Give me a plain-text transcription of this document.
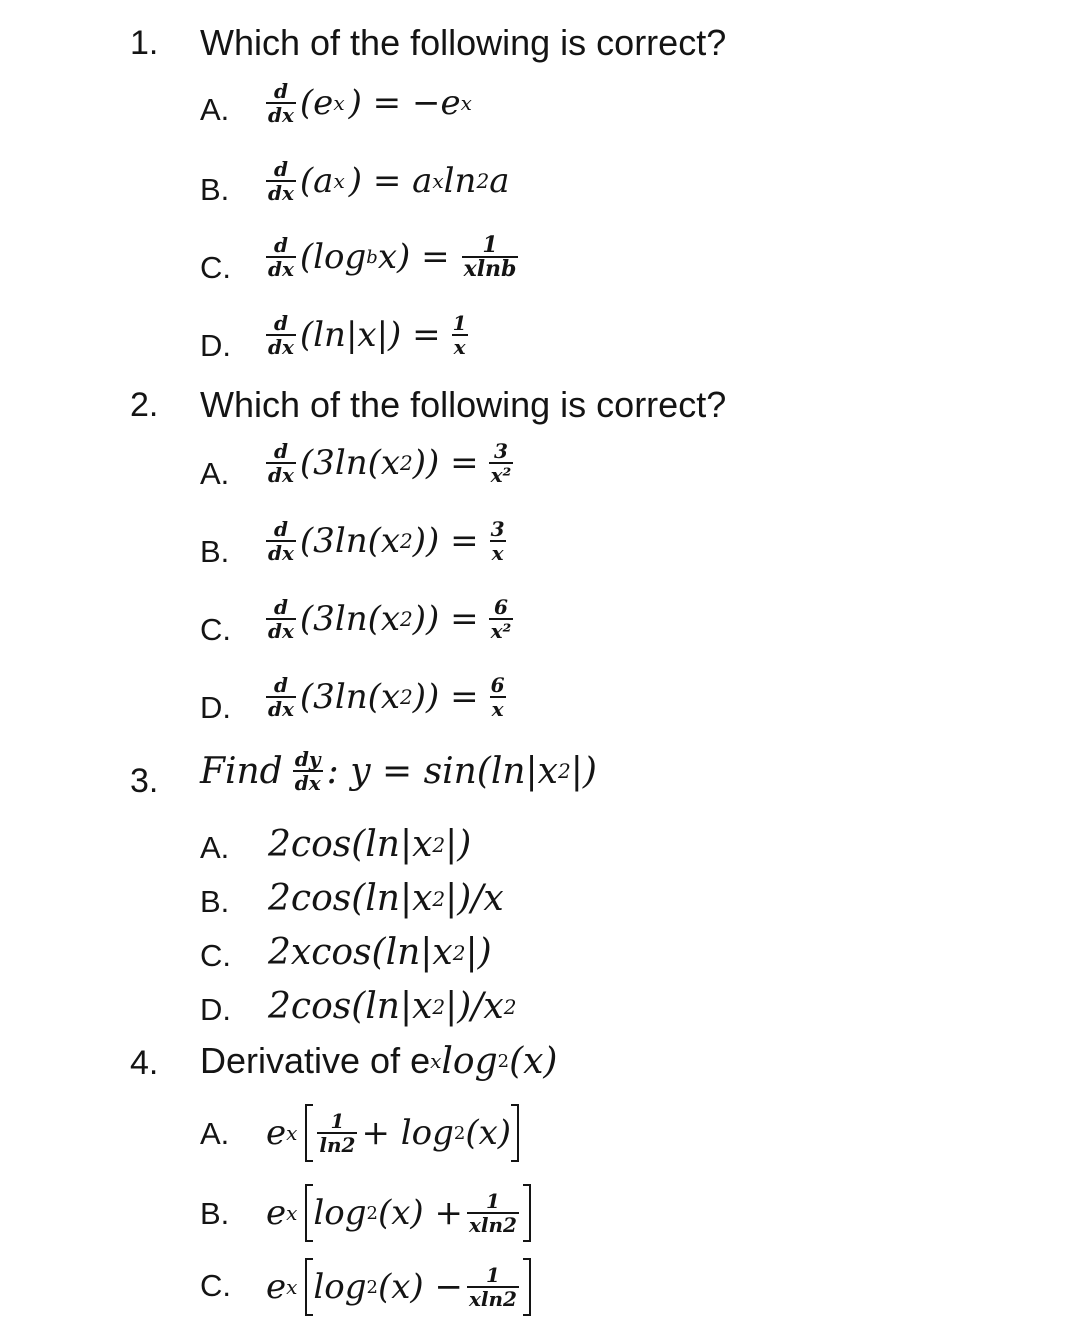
1. Which of the following is correct?
A. $\frac{d}{dx} (e$ x ) = −e x
B. $\frac{d}{dx} (a$ x ) = a x ln 2 a
C. $\frac{d}{dx} (\log$ b $x) = \frac{1}{xlnb}$
D. $\frac{d}{dx} (\ln|x|) = \frac{1}{x}$
2. Which of the following is correct?
A. $\frac{d}{dx} (3\ln(x$ 2 )) = $\frac{3}{\text{x²}}$
B. $\frac{d}{dx} (3\ln(x$ 2 )) = $\frac{3}{x}$
C. $\frac{d}{dx} (3\ln(x$ 2 )) = $\frac{6}{\text{x²}}$
D. $\frac{d}{dx} (3\ln(x$ 2 )) = $\frac{6}{x}$
3. Find $\frac{dy}{dx}$ : y = sin(ln|x 2 |)
A. 2cos(ln|x 2 |)
B. 2cos(ln|x 2 |)/x
C. 2xcos(ln|x 2 |)
D. 2cos(ln|x 2 |)/x 2
4. Derivative of e x log 2 (x)
A. e x $\frac{1}{\ln 2} + \log 2$ (x)
B. e x log 2 $(x) + \frac{1}{xln2}$
C. e x log 2 $(x) - \frac{1}{xln2}$
